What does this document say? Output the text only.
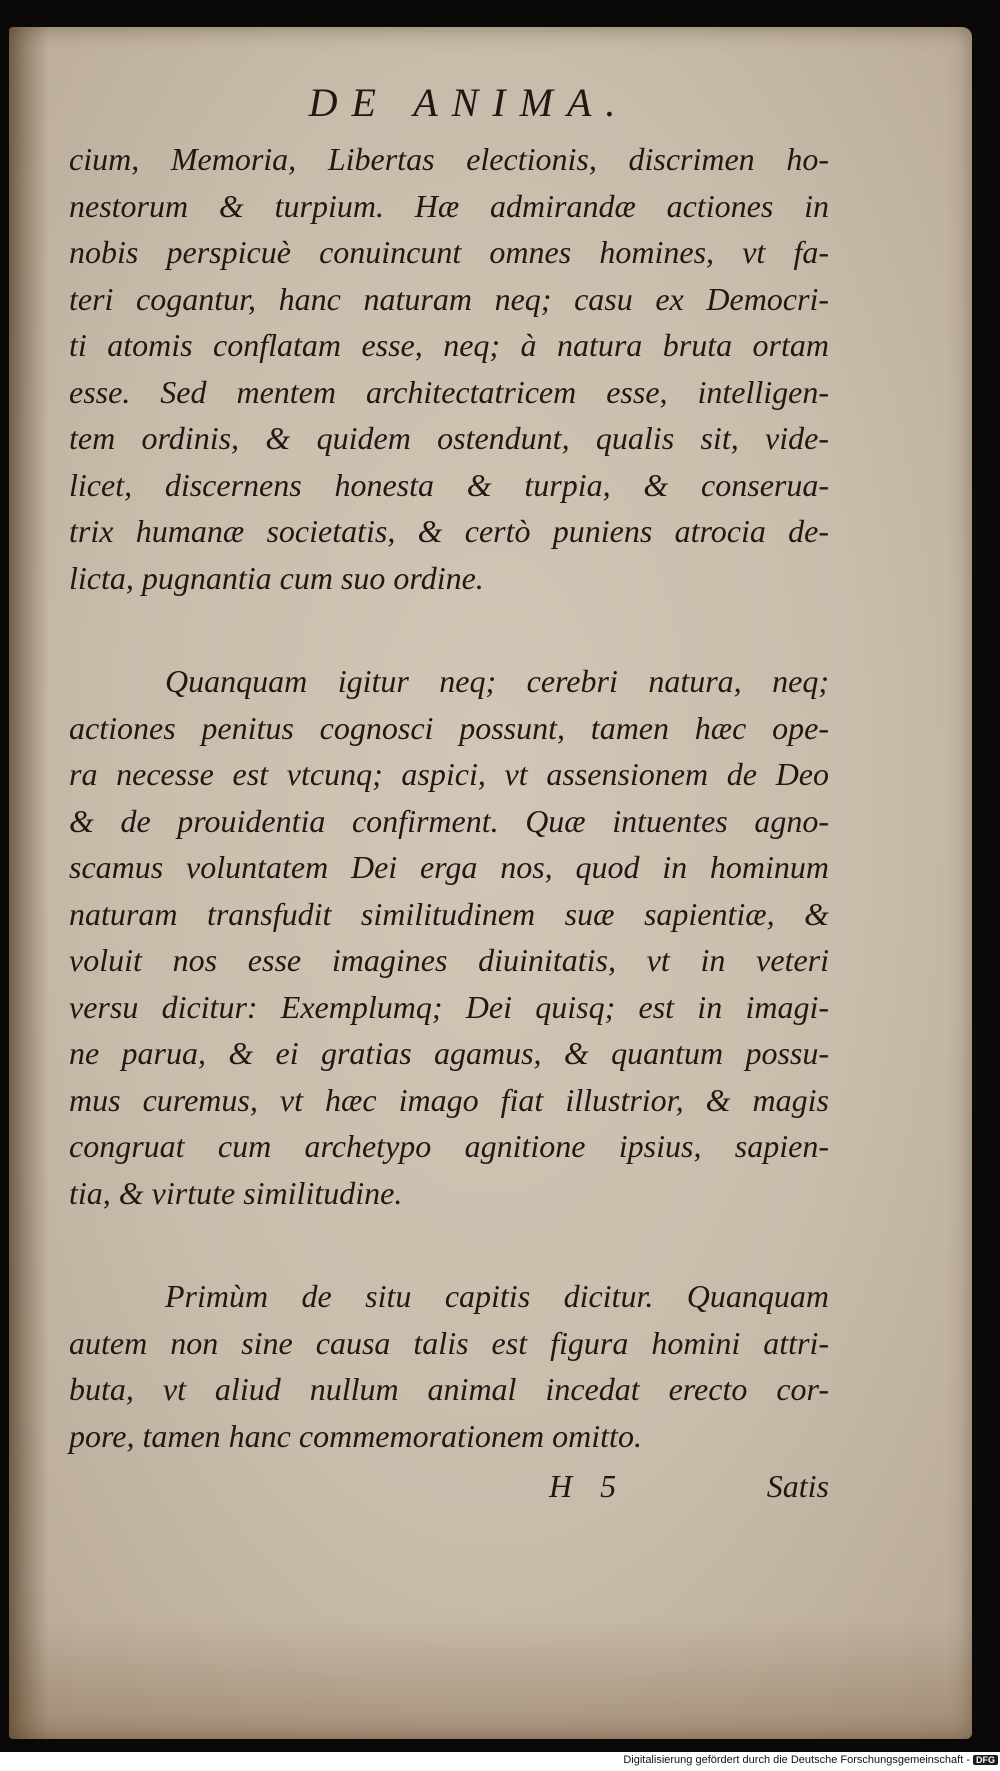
DE ANIMA.
cium, Memoria, Libertas electionis, discrimen ho-
nestorum & turpium. Hæ admirandæ actiones in
nobis perspicuè conuincunt omnes homines, vt fa-
teri cogantur, hanc naturam neq; casu ex Democri-
ti atomis conflatam esse, neq; à natura bruta ortam
esse. Sed mentem architectatricem esse, intelligen-
tem ordinis, & quidem ostendunt, qualis sit, vide-
licet, discernens honesta & turpia, & conserua-
trix humanæ societatis, & certò puniens atrocia de-
licta, pugnantia cum suo ordine.
Quanquam igitur neq; cerebri natura, neq;
actiones penitus cognosci possunt, tamen hæc ope-
ra necesse est vtcunq; aspici, vt assensionem de Deo
& de prouidentia confirment. Quæ intuentes agno-
scamus voluntatem Dei erga nos, quod in hominum
naturam transfudit similitudinem suæ sapientiæ, &
voluit nos esse imagines diuinitatis, vt in veteri
versu dicitur: Exemplumq; Dei quisq; est in imagi-
ne parua, & ei gratias agamus, & quantum possu-
mus curemus, vt hæc imago fiat illustrior, & magis
congruat cum archetypo agnitione ipsius, sapien-
tia, & virtute similitudine.
Primùm de situ capitis dicitur. Quanquam
autem non sine causa talis est figura homini attri-
buta, vt aliud nullum animal incedat erecto cor-
pore, tamen hanc commemorationem omitto.
H 5	Satis
Digitalisierung gefördert durch die Deutsche Forschungsgemeinschaft - DFG
